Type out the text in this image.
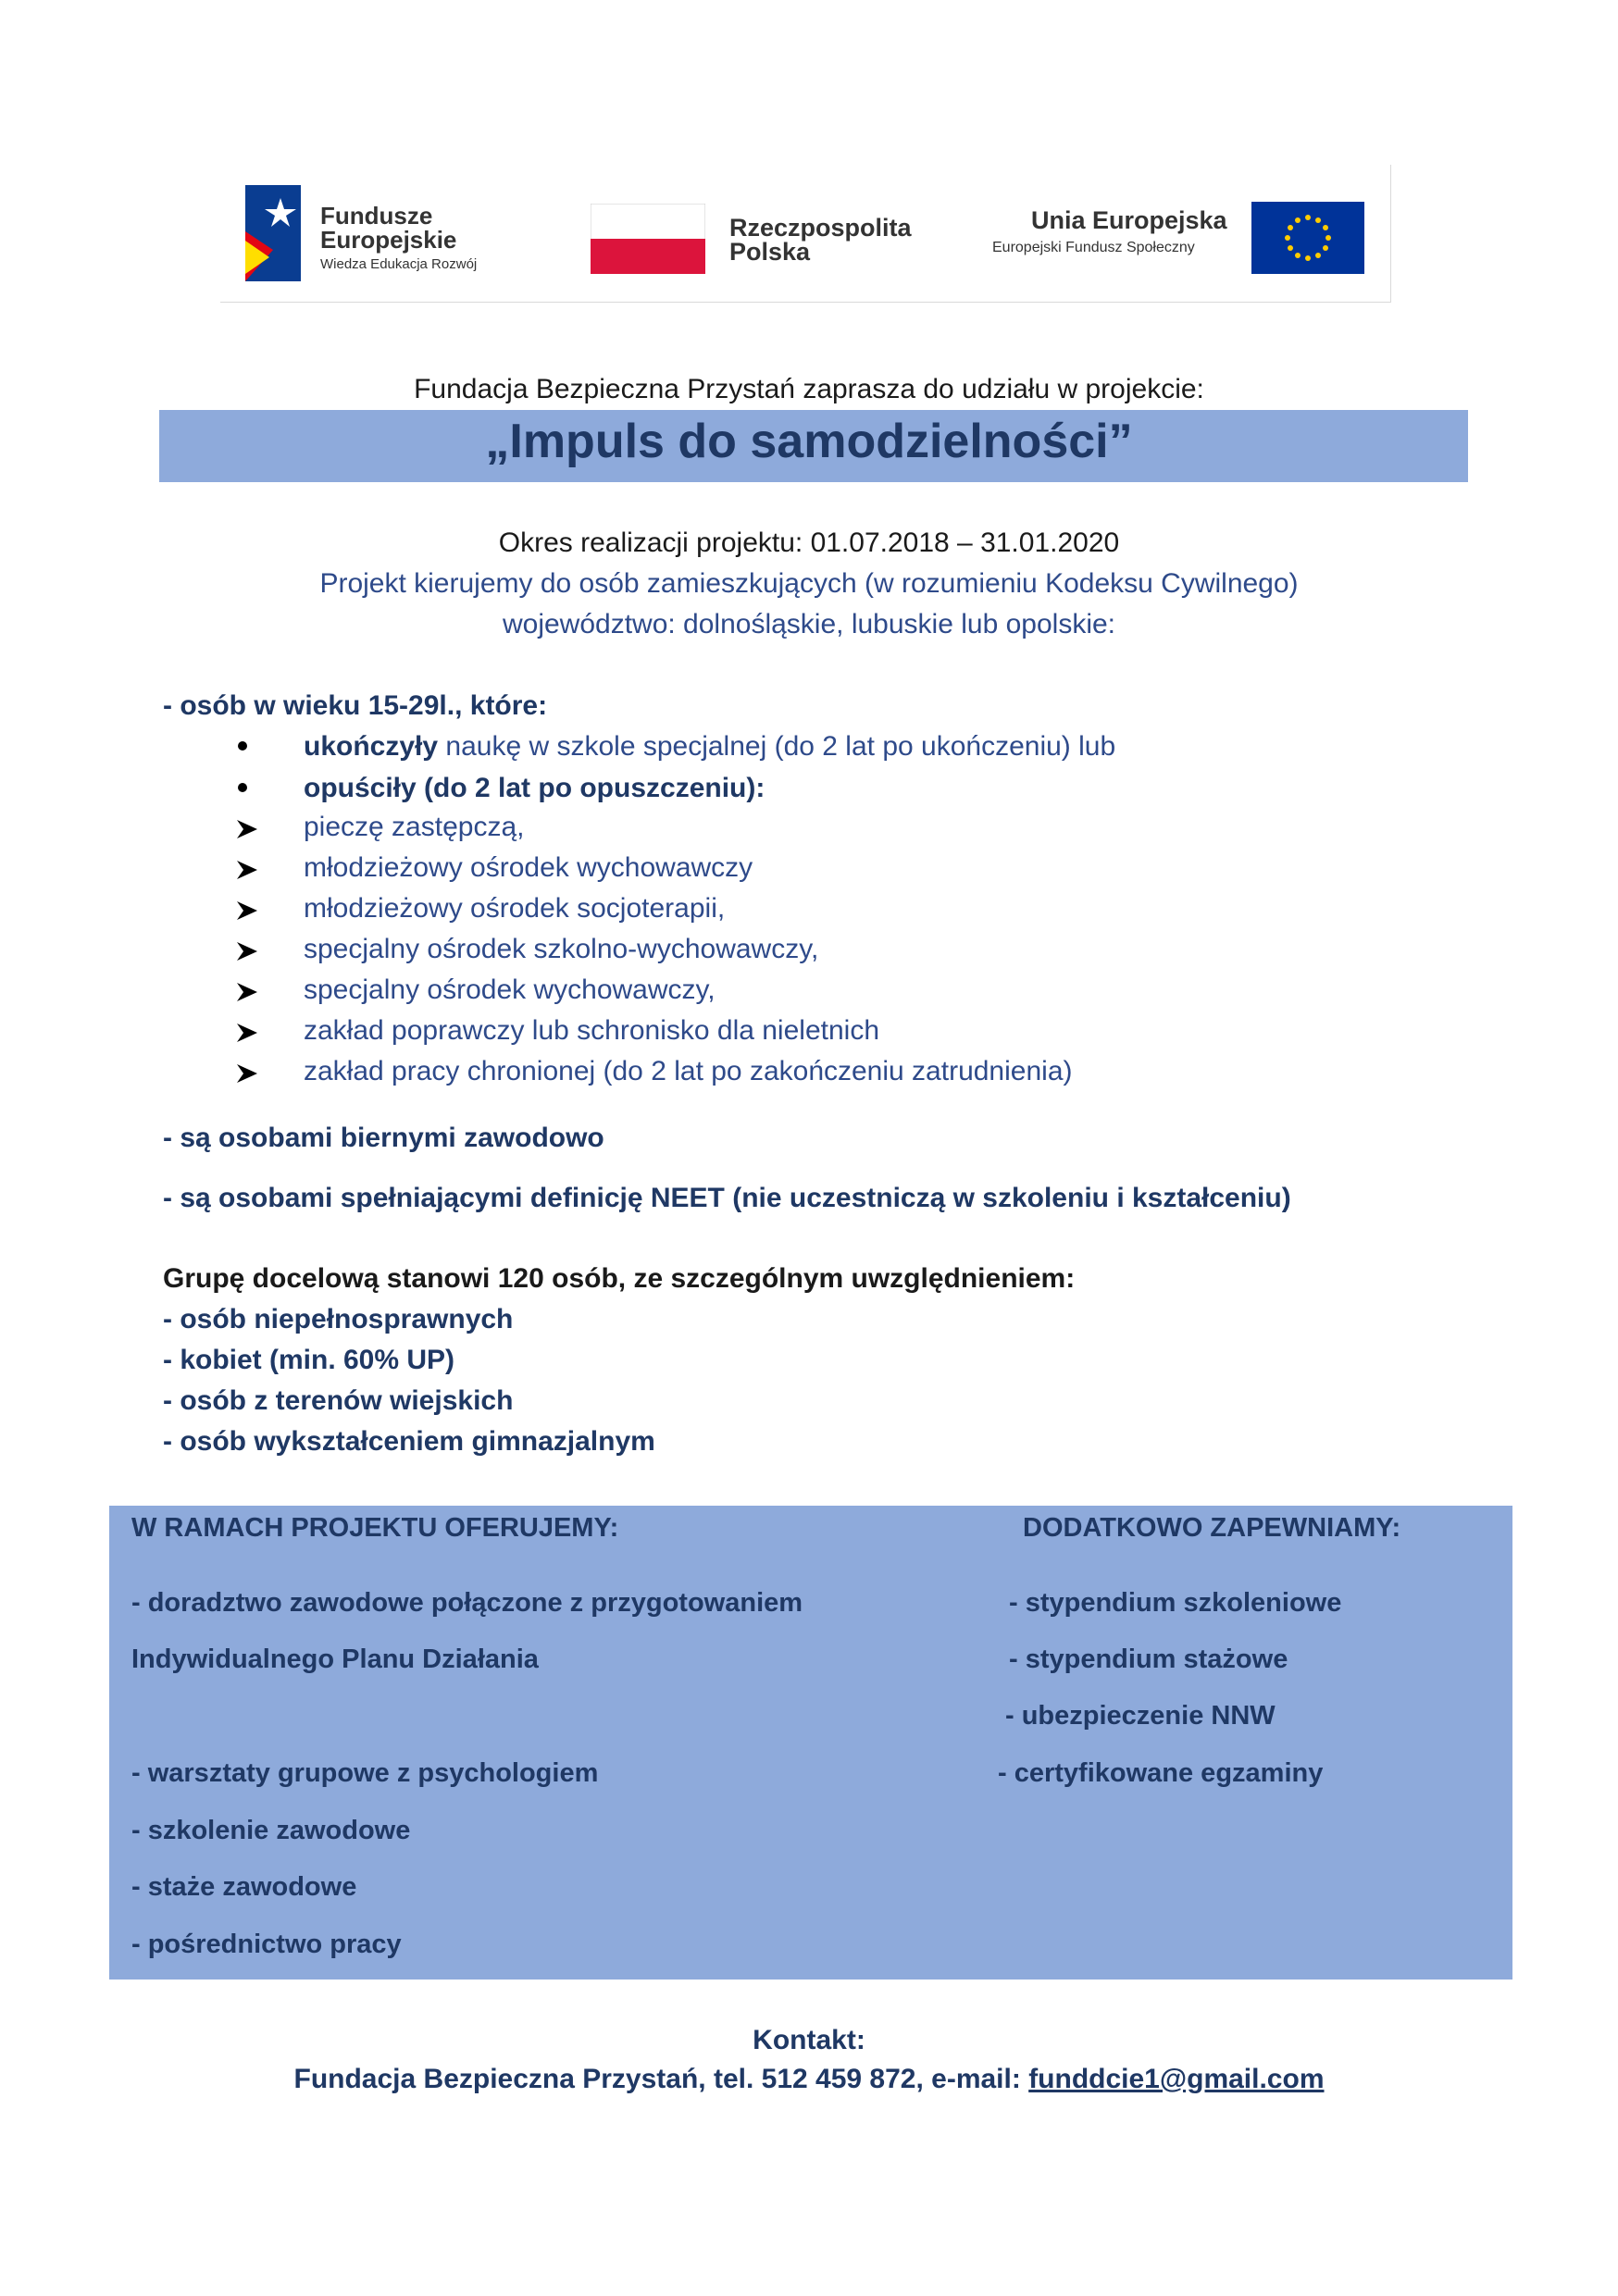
Fundusze
Europejskie
Wiedza Edukacja Rozwój
Rzeczpospolita
Polska
Unia Europejska
Europejski Fundusz Społeczny
Fundacja Bezpieczna Przystań zaprasza do udziału w projekcie:
„Impuls do samodzielności”
Okres realizacji projektu: 01.07.2018 – 31.01.2020
Projekt kierujemy do osób zamieszkujących (w rozumieniu Kodeksu Cywilnego)
województwo: dolnośląskie, lubuskie lub opolskie:
- osób w wieku 15-29l., które:
ukończyły naukę w szkole specjalnej (do 2 lat po ukończeniu) lub
opuściły (do 2 lat po opuszczeniu):
pieczę zastępczą,
młodzieżowy ośrodek wychowawczy
młodzieżowy ośrodek socjoterapii,
specjalny ośrodek szkolno-wychowawczy,
specjalny ośrodek wychowawczy,
zakład poprawczy lub schronisko dla nieletnich
zakład pracy chronionej (do 2 lat po zakończeniu zatrudnienia)
- są osobami biernymi zawodowo
- są osobami spełniającymi definicję NEET (nie uczestniczą w szkoleniu i kształceniu)
Grupę docelową stanowi 120 osób, ze szczególnym uwzględnieniem:
- osób niepełnosprawnych
- kobiet (min. 60% UP)
- osób z terenów wiejskich
- osób wykształceniem gimnazjalnym
W RAMACH PROJEKTU OFERUJEMY:
- doradztwo zawodowe połączone z przygotowaniem
Indywidualnego Planu Działania
- warsztaty grupowe z psychologiem
- szkolenie zawodowe
- staże zawodowe
- pośrednictwo pracy
DODATKOWO ZAPEWNIAMY:
- stypendium szkoleniowe
- stypendium stażowe
- ubezpieczenie NNW
- certyfikowane egzaminy
Kontakt:
Fundacja Bezpieczna Przystań, tel. 512 459 872, e-mail: funddcie1@gmail.com
